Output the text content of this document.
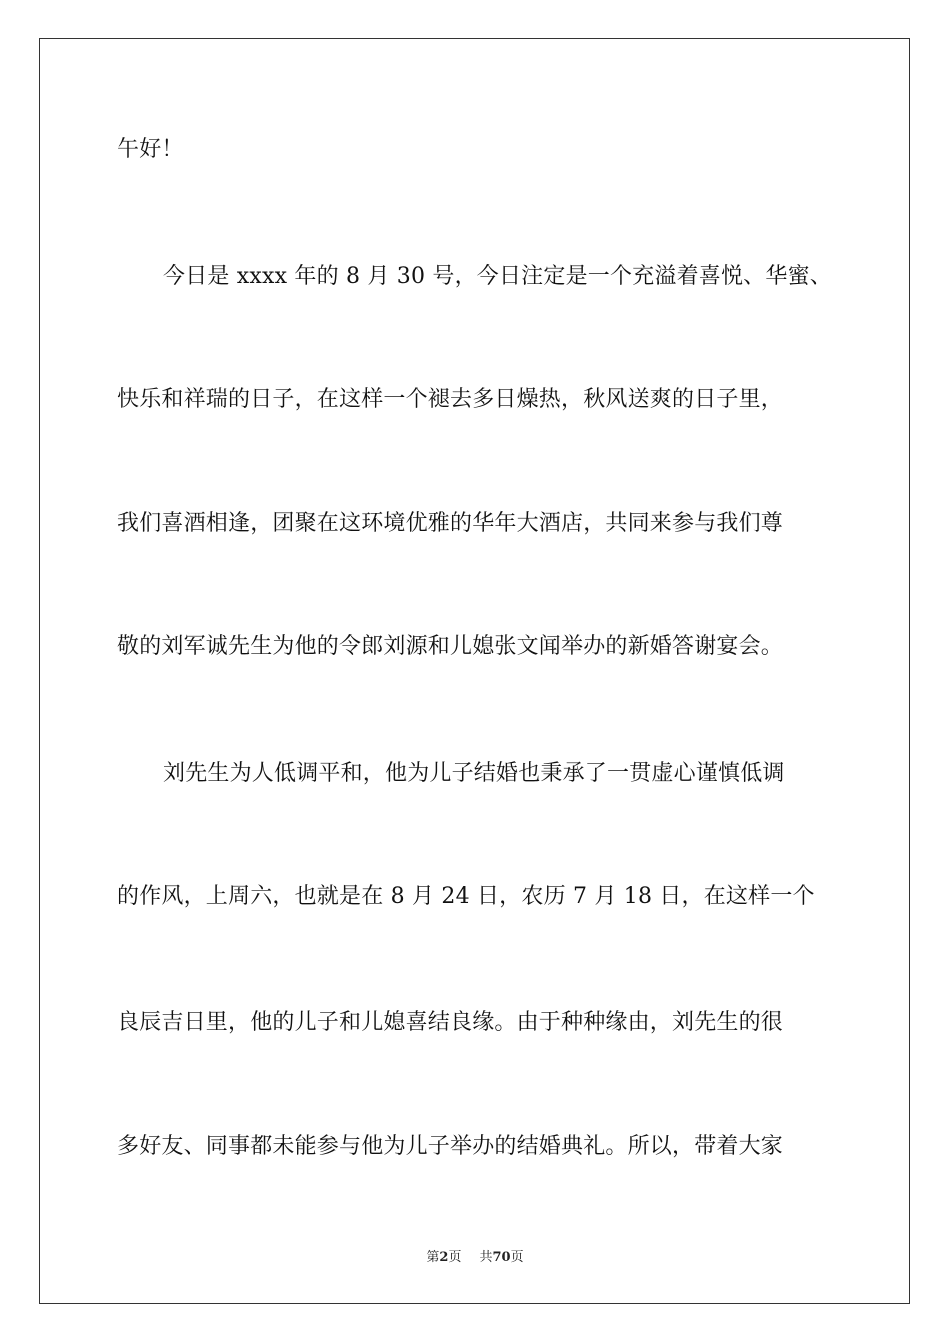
午好！
今日是 xxxx 年的 8 月 30 号，今日注定是一个充溢着喜悦、华蜜、
快乐和祥瑞的日子，在这样一个褪去多日燥热，秋风送爽的日子里，
我们喜酒相逢，团聚在这环境优雅的华年大酒店，共同来参与我们尊
敬的刘军诚先生为他的令郎刘源和儿媳张文闻举办的新婚答谢宴会。
刘先生为人低调平和，他为儿子结婚也秉承了一贯虚心谨慎低调
的作风，上周六，也就是在 8 月 24 日，农历 7 月 18 日，在这样一个
良辰吉日里，他的儿子和儿媳喜结良缘。由于种种缘由，刘先生的很
多好友、同事都未能参与他为儿子举办的结婚典礼。所以，带着大家
第2页 共70页
